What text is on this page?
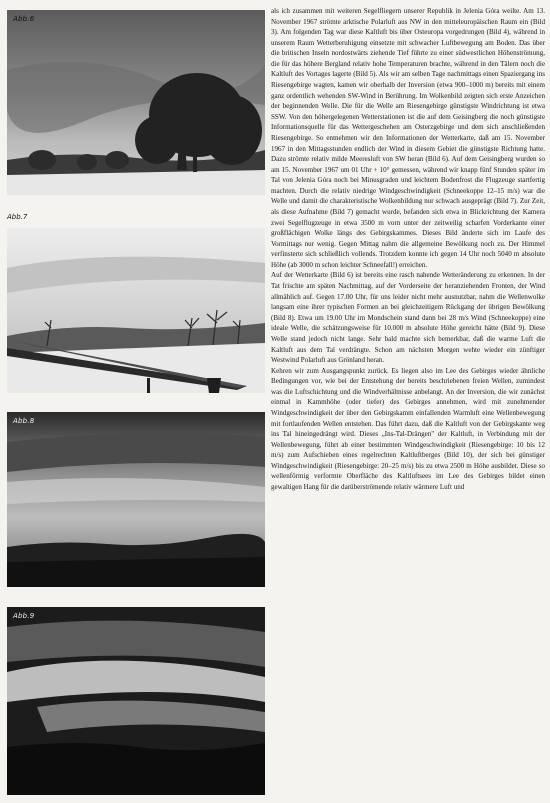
Abb.6
Abb.7
Abb.8
Abb.9

als ich zusammen mit weiteren Segelfliegern unserer Republik in Jelenia Góra weilte. Am 13. November 1967 strömte arktische Polarluft aus NW in den mitteleuropäischen Raum ein (Bild 3). Am folgenden Tag war diese Kaltluft bis über Osteuropa vorgedrungen (Bild 4), während in unserem Raum Wetterberuhigung einsetzte mit schwacher Luftbewegung am Boden. Das über die britischen Inseln nordostwärts ziehende Tief führte zu einer südwestlichen Höhenströmung, die für das höhere Bergland relativ hohe Temperaturen brachte, während in den Tälern noch die Kaltluft des Vortages lagerte (Bild 5). Als wir am selben Tage nachmittags einen Spaziergang ins Riesengebirge wagten, kamen wir oberhalb der Inversion (etwa 900–1000 m) bereits mit einem ganz ordentlich wehenden SW-Wind in Berührung. Im Wolkenbild zeigten sich erste Anzeichen der beginnenden Welle. Die für die Welle am Riesengebirge günstigste Windrichtung ist etwa SSW. Von den höhergelegenen Wetterstationen ist die auf dem Geisingberg die noch günstigste Informationsquelle für das Wettergeschehen am Osterzgebirge und dem sich anschließenden Riesengebirge. So entnehmen wir den Informationen der Wetterkarte, daß am 15. November 1967 in den Mittagsstunden endlich der Wind in diesem Gebiet die günstigste Richtung hatte. Dazu strömte relativ milde Meeresluft von SW heran (Bild 6). Auf dem Geisingberg wurden so am 15. November 1967 um 01 Uhr + 10° gemessen, während wir knapp fünf Stunden später im Tal von Jelenia Góra noch bei Minusgraden und leichtem Bodenfrost die Flugzeuge startfertig machten. Durch die relativ niedrige Windgeschwindigkeit (Schneekoppe 12–15 m/s) war die Welle und damit die charakteristische Wolkenbildung nur schwach ausgeprägt (Bild 7). Zur Zeit, als diese Aufnahme (Bild 7) gemacht wurde, befanden sich etwa in Blickrichtung der Kamera zwei Segelflugzeuge in etwa 3500 m vorn unter der zeitweilig scharfen Vorderkante einer großflächigen Wolke längs des Gebirgskammes. Dieses Bild änderte sich im Laufe des Vormittags nur wenig. Gegen Mittag nahm die allgemeine Bewölkung noch zu. Der Himmel verfinsterte sich schließlich vollends. Trotzdem konnte ich gegen 14 Uhr noch 5040 m absolute Höhe (ab 3000 m schon leichter Schneefall!) erreichen.

Auf der Wetterkarte (Bild 6) ist bereits eine rasch nahende Wetteränderung zu erkennen. In der Tat frischte am späten Nachmittag, auf der Vorderseite der heranziehenden Fronten, der Wind allmählich auf. Gegen 17.00 Uhr, für uns leider nicht mehr ausnutzbar, nahm die Wellenwolke langsam eine ihrer typischen Formen an bei gleichzeitigem Rückgang der übrigen Bewölkung (Bild 8). Etwa um 19.00 Uhr im Mondschein stand dann bei 28 m/s Wind (Schneekoppe) eine ideale Welle, die schätzungsweise für 10.000 m absolute Höhe gereicht hätte (Bild 9). Diese Welle stand jedoch nicht lange. Sehr bald machte sich bemerkbar, daß die warme Luft die Kaltluft aus dem Tal verdrängte. Schon am nächsten Morgen wehte wieder ein zünftiger Westwind Polarluft aus Grönland heran.

Kehren wir zum Ausgangspunkt zurück. Es liegen also im Lee des Gebirges wieder ähnliche Bedingungen vor, wie bei der Entstehung der bereits beschriebenen freien Wellen, zumindest was die Luftschichtung und die Windverhältnisse anbelangt. An der Inversion, die wir zunächst einmal in Kammhöhe (oder tiefer) des Gebirges annehmen, wird mit zunehmender Windgeschwindigkeit der über den Gebirgskamm einfallenden Warmluft eine Wellenbewegung mit fortlaufenden Wellen entstehen. Das führt dazu, daß die Kaltluft von der Gebirgskante weg ins Tal hineingedrängt wird. Dieses „Ins-Tal-Drängen" der Kaltluft, in Verbindung mit der Wellenbewegung, führt ab einer bestimmten Windgeschwindigkeit (Riesengebirge: 10 bis 12 m/s) zum Aufschieben eines regelrechten Kaltluftberges (Bild 10), der sich bei günstiger Windgeschwindigkeit (Riesengebirge: 20–25 m/s) bis zu etwa 2500 m Höhe ausbildet. Diese so wellenförmig verformte Oberfläche des Kaltluftsees im Lee des Gebirges bildet einen gewaltigen Hang für die darüberströmende relativ wärmere Luft und
